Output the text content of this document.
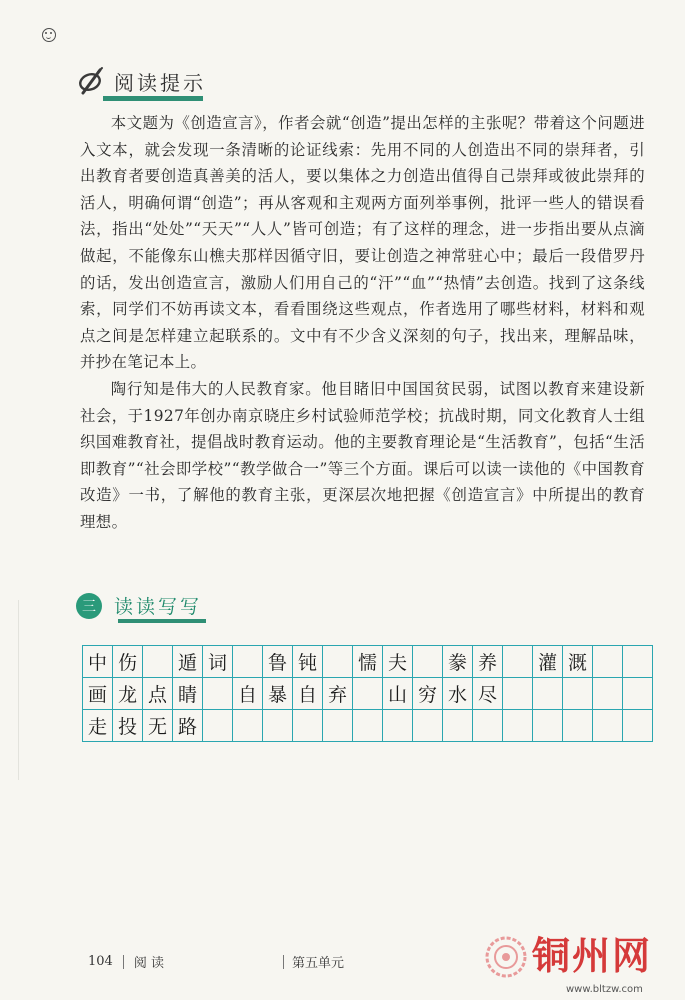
阅读提示

本文题为《创造宣言》，作者会就“创造”提出怎样的主张呢？带着这个问题进入文本，就会发现一条清晰的论证线索：先用不同的人创造出不同的崇拜者，引出教育者要创造真善美的活人，要以集体之力创造出值得自己崇拜或彼此崇拜的活人，明确何谓“创造”；再从客观和主观两方面列举事例，批评一些人的错误看法，指出“处处”“天天”“人人”皆可创造；有了这样的理念，进一步指出要从点滴做起，不能像东山樵夫那样因循守旧，要让创造之神常驻心中；最后一段借罗丹的话，发出创造宣言，激励人们用自己的“汗”“血”“热情”去创造。找到了这条线索，同学们不妨再读文本，看看围绕这些观点，作者选用了哪些材料，材料和观点之间是怎样建立起联系的。文中有不少含义深刻的句子，找出来，理解品味，并抄在笔记本上。

陶行知是伟大的人民教育家。他目睹旧中国国贫民弱，试图以教育来建设新社会，于1927年创办南京晓庄乡村试验师范学校；抗战时期，同文化教育人士组织国难教育社，提倡战时教育运动。他的主要教育理论是“生活教育”，包括“生活即教育”“社会即学校”“教学做合一”等三个方面。课后可以读一读他的《中国教育改造》一书，了解他的教育主张，更深层次地把握《创造宣言》中所提出的教育理想。

三 读读写写
中 伤	遁 词	鲁 钝	懦 夫	豢 养	灌 溉
画 龙 点 睛	自 暴 自 弃	山 穷 水 尽
走 投 无 路
104 阅 读	第五单元	铜州网
www.bltzw.com
